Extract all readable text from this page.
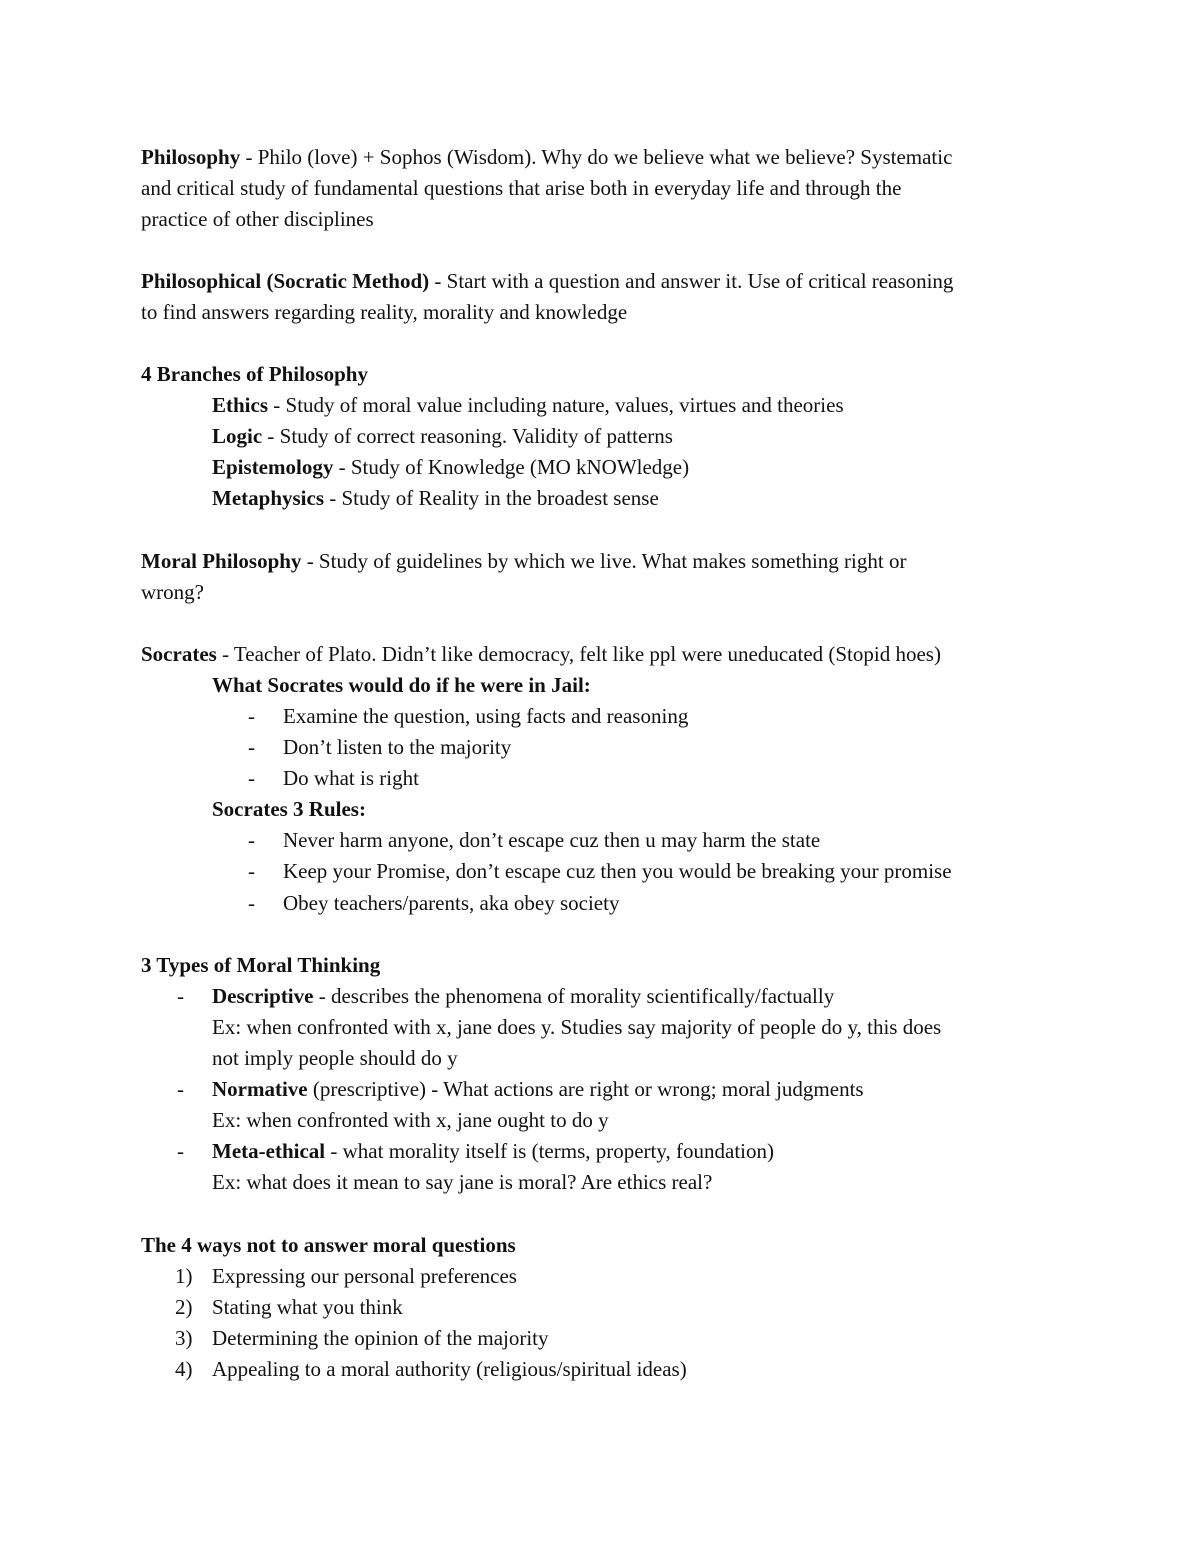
Philosophy - Philo (love) + Sophos (Wisdom). Why do we believe what we believe? Systematic
and critical study of fundamental questions that arise both in everyday life and through the
practice of other disciplines
Philosophical (Socratic Method) - Start with a question and answer it. Use of critical reasoning
to find answers regarding reality, morality and knowledge
4 Branches of Philosophy
Ethics - Study of moral value including nature, values, virtues and theories
Logic - Study of correct reasoning. Validity of patterns
Epistemology - Study of Knowledge (MO kNOWledge)
Metaphysics - Study of Reality in the broadest sense
Moral Philosophy - Study of guidelines by which we live. What makes something right or
wrong?
Socrates - Teacher of Plato. Didn’t like democracy, felt like ppl were uneducated (Stopid hoes)
What Socrates would do if he were in Jail:
- Examine the question, using facts and reasoning
- Don’t listen to the majority
- Do what is right
Socrates 3 Rules:
- Never harm anyone, don’t escape cuz then u may harm the state
- Keep your Promise, don’t escape cuz then you would be breaking your promise
- Obey teachers/parents, aka obey society
3 Types of Moral Thinking
- Descriptive - describes the phenomena of morality scientifically/factually
Ex: when confronted with x, jane does y. Studies say majority of people do y, this does
not imply people should do y
- Normative (prescriptive) - What actions are right or wrong; moral judgments
Ex: when confronted with x, jane ought to do y
- Meta-ethical - what morality itself is (terms, property, foundation)
Ex: what does it mean to say jane is moral? Are ethics real?
The 4 ways not to answer moral questions
1) Expressing our personal preferences
2) Stating what you think
3) Determining the opinion of the majority
4) Appealing to a moral authority (religious/spiritual ideas)
